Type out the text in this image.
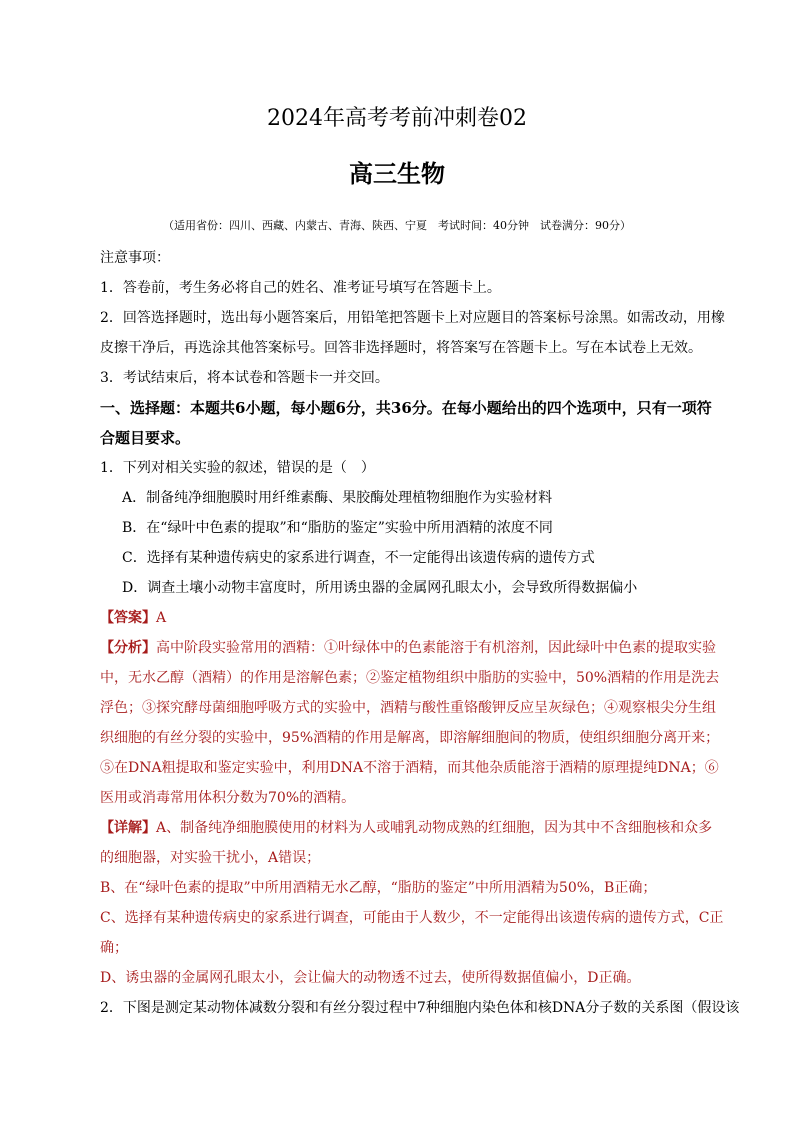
2024年高考考前冲刺卷02
高三生物
（适用省份：四川、西藏、内蒙古、青海、陕西、宁夏　考试时间：40分钟　试卷满分：90分）
注意事项：
1．答卷前，考生务必将自己的姓名、准考证号填写在答题卡上。
2．回答选择题时，选出每小题答案后，用铅笔把答题卡上对应题目的答案标号涂黑。如需改动，用橡皮擦干净后，再选涂其他答案标号。回答非选择题时，将答案写在答题卡上。写在本试卷上无效。
3．考试结束后，将本试卷和答题卡一并交回。
一、选择题：本题共6小题，每小题6分，共36分。在每小题给出的四个选项中，只有一项符合题目要求。
1．下列对相关实验的叙述，错误的是（　）
A．制备纯净细胞膜时用纤维素酶、果胶酶处理植物细胞作为实验材料
B．在“绿叶中色素的提取”和“脂肪的鉴定”实验中所用酒精的浓度不同
C．选择有某种遗传病史的家系进行调查，不一定能得出该遗传病的遗传方式
D．调查土壤小动物丰富度时，所用诱虫器的金属网孔眼太小，会导致所得数据偏小
【答案】A
【分析】高中阶段实验常用的酒精：①叶绿体中的色素能溶于有机溶剂，因此绿叶中色素的提取实验中，无水乙醇（酒精）的作用是溶解色素；②鉴定植物组织中脂肪的实验中，50%酒精的作用是洗去浮色；③探究酵母菌细胞呼吸方式的实验中，酒精与酸性重铬酸钾反应呈灰绿色；④观察根尖分生组织细胞的有丝分裂的实验中，95%酒精的作用是解离，即溶解细胞间的物质，使组织细胞分离开来；⑤在DNA粗提取和鉴定实验中，利用DNA不溶于酒精，而其他杂质能溶于酒精的原理提纯DNA；⑥医用或消毒常用体积分数为70%的酒精。
【详解】A、制备纯净细胞膜使用的材料为人或哺乳动物成熟的红细胞，因为其中不含细胞核和众多的细胞器，对实验干扰小，A错误；
B、在“绿叶色素的提取”中所用酒精无水乙醇，“脂肪的鉴定”中所用酒精为50%，B正确；
C、选择有某种遗传病史的家系进行调查，可能由于人数少，不一定能得出该遗传病的遗传方式，C正确；
D、诱虫器的金属网孔眼太小，会让偏大的动物透不过去，使所得数据值偏小，D正确。
2．下图是测定某动物体减数分裂和有丝分裂过程中7种细胞内染色体和核DNA分子数的关系图（假设该
